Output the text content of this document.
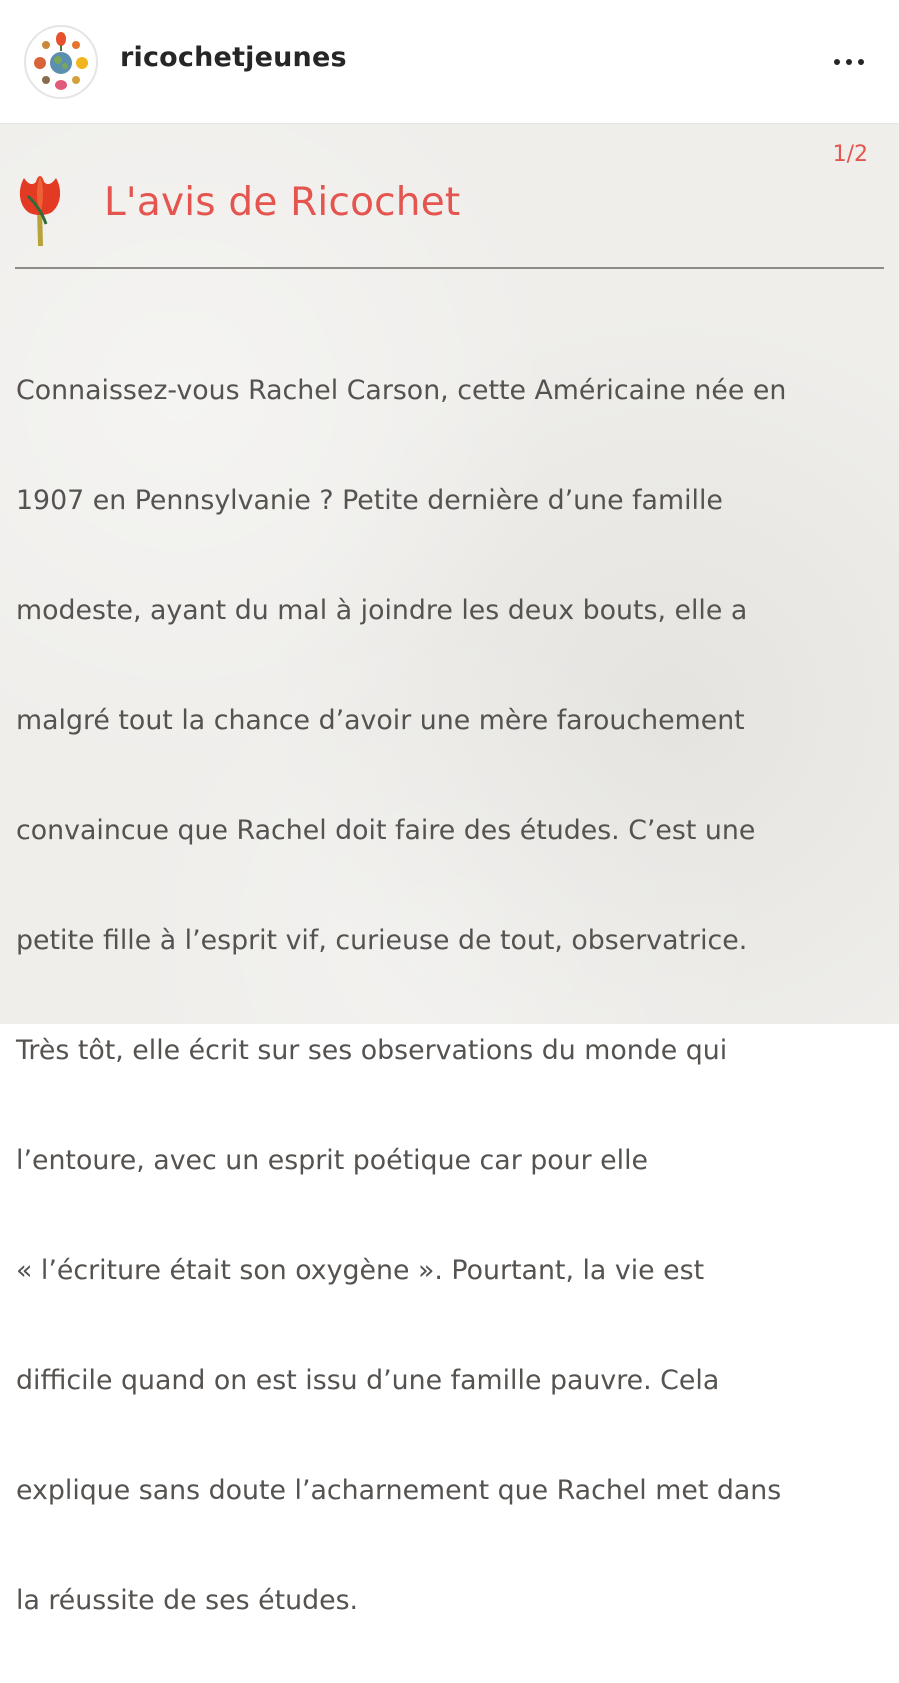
ricochetjeunes
1/2
L'avis de Ricochet

Connaissez-vous Rachel Carson, cette Américaine née en

1907 en Pennsylvanie ? Petite dernière d’une famille

modeste, ayant du mal à joindre les deux bouts, elle a

malgré tout la chance d’avoir une mère farouchement

convaincue que Rachel doit faire des études. C’est une

petite fille à l’esprit vif, curieuse de tout, observatrice.

Très tôt, elle écrit sur ses observations du monde qui

l’entoure, avec un esprit poétique car pour elle

« l’écriture était son oxygène ». Pourtant, la vie est

difficile quand on est issu d’une famille pauvre. Cela

explique sans doute l’acharnement que Rachel met dans

la réussite de ses études.
